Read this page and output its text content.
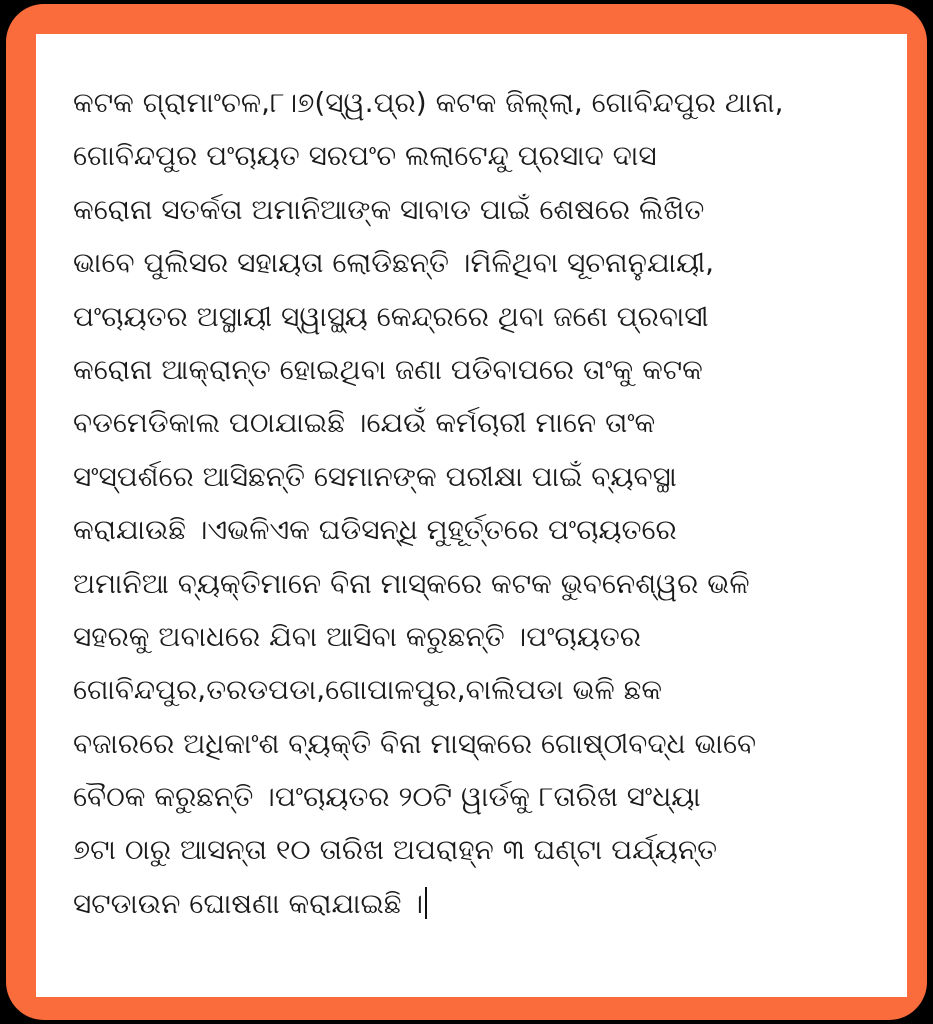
କଟକ ଗ୍ରାମାଂଚଳ,୮।୭(ସ୍ୱ.ପ୍ର) କଟକ ଜିଲ୍ଲା, ଗୋବିନ୍ଦପୁର ଥାନା,
ଗୋବିନ୍ଦପୁର ପଂଚାୟତ ସରପଂଚ ଲଲାଟେନ୍ଦୁ ପ୍ରସାଦ ଦାସ
କରୋନା ସତର୍କତା ଅମାନିଆଙ୍କ ସାବାଡ ପାଇଁ ଶେଷରେ ଲିଖିତ
ଭାବେ ପୁଲିସର ସହାୟତା ଲୋଡିଛନ୍ତି ।ମିଳିଥିବା ସୂଚନାନୁଯାୟୀ,
ପଂଚାୟତର ଅସ୍ଥାୟୀ ସ୍ୱାସ୍ଥ୍ୟ କେନ୍ଦ୍ରରେ ଥିବା ଜଣେ ପ୍ରବାସୀ
କରୋନା ଆକ୍ରାନ୍ତ ହୋଇଥିବା ଜଣା ପଡିବାପରେ ତାଂକୁ କଟକ
ବଡମେଡିକାଲ ପଠାଯାଇଛି ।ଯେଉଁ କର୍ମଚାରୀ ମାନେ ତାଂକ
ସଂସ୍ପର୍ଶରେ ଆସିଛନ୍ତି ସେମାନଙ୍କ ପରୀକ୍ଷା ପାଇଁ ବ୍ୟବସ୍ଥା
କରାଯାଉଛି ।ଏଭଳିଏକ ଘଡିସନ୍ଧି ମୁହୂର୍ତ୍ତରେ ପଂଚାୟତରେ
ଅମାନିଆ ବ୍ୟକ୍ତିମାନେ ବିନା ମାସ୍କରେ କଟକ ଭୁବନେଶ୍ୱର ଭଳି
ସହରକୁ ଅବାଧରେ ଯିବା ଆସିବା କରୁଛନ୍ତି ।ପଂଚାୟତର
ଗୋବିନ୍ଦପୁର,ତରଡପଡା,ଗୋପାଳପୁର,ବାଲିପଡା ଭଳି ଛକ
ବଜାରରେ ଅଧିକାଂଶ ବ୍ୟକ୍ତି ବିନା ମାସ୍କରେ ଗୋଷ୍ଠୀବଦ୍ଧ ଭାବେ
ବୈଠକ କରୁଛନ୍ତି ।ପଂଚାୟତର ୨୦ଟି ୱାର୍ଡକୁ ୮ତାରିଖ ସଂଧ୍ୟା
୭ଟା ଠାରୁ ଆସନ୍ତା ୧୦ ତାରିଖ ଅପରାହ୍ନ ୩ ଘଣ୍ଟା ପର୍ଯ୍ୟନ୍ତ
ସଟଡାଉନ ଘୋଷଣା କରାଯାଇଛି ।
